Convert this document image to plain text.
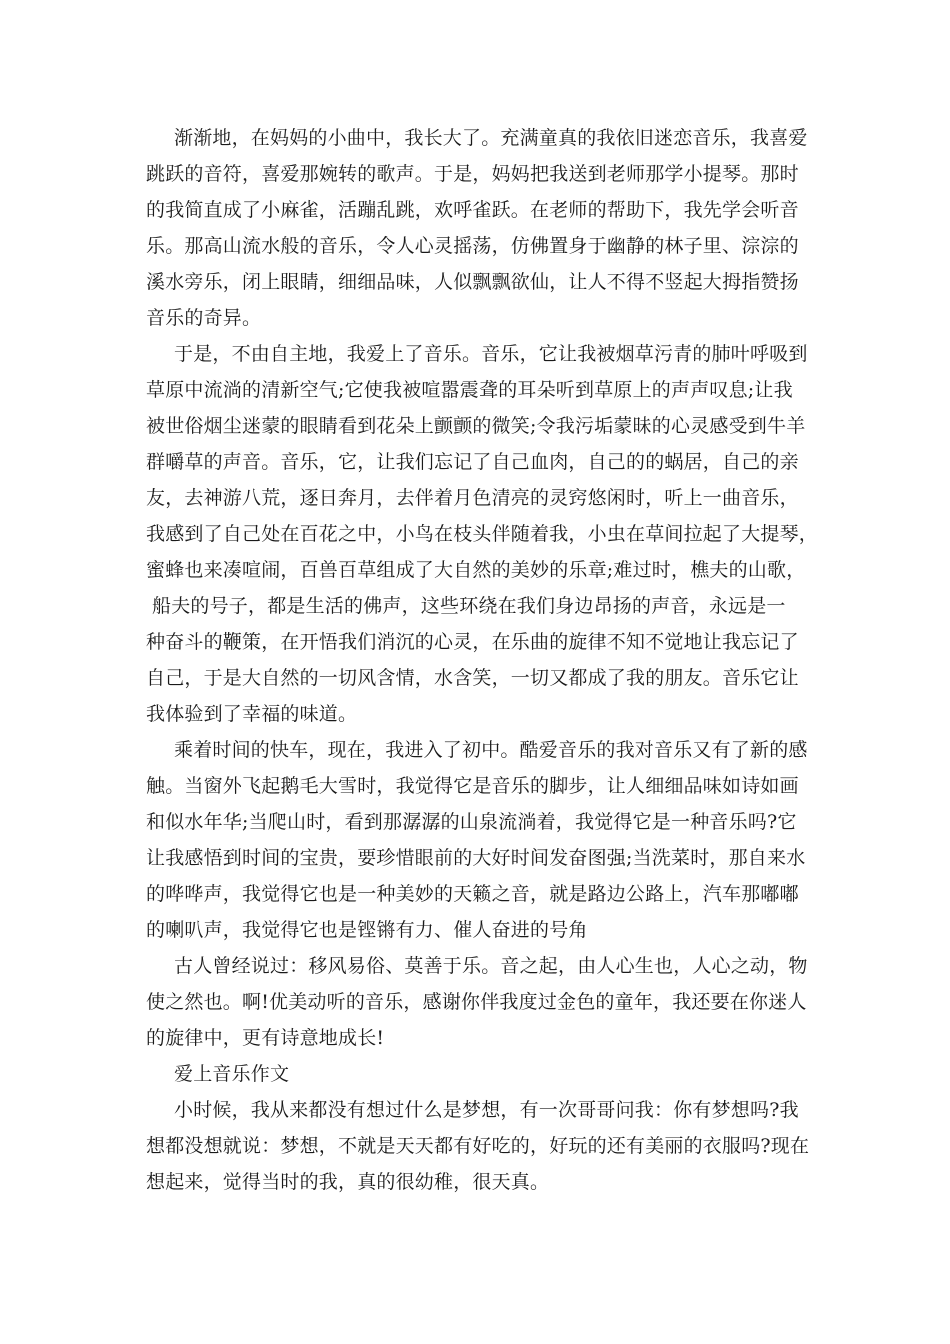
渐渐地，在妈妈的小曲中，我长大了。充满童真的我依旧迷恋音乐，我喜爱

跳跃的音符，喜爱那婉转的歌声。于是，妈妈把我送到老师那学小提琴。那时

的我简直成了小麻雀，活蹦乱跳，欢呼雀跃。在老师的帮助下，我先学会听音

乐。那高山流水般的音乐，令人心灵摇荡，仿佛置身于幽静的林子里、淙淙的

溪水旁乐，闭上眼睛，细细品味，人似飘飘欲仙，让人不得不竖起大拇指赞扬

音乐的奇异。

于是，不由自主地，我爱上了音乐。音乐，它让我被烟草污青的肺叶呼吸到

草原中流淌的清新空气;它使我被喧嚣震聋的耳朵听到草原上的声声叹息;让我

被世俗烟尘迷蒙的眼睛看到花朵上颤颤的微笑;令我污垢蒙昧的心灵感受到牛羊

群嚼草的声音。音乐，它，让我们忘记了自己血肉，自己的的蜗居，自己的亲

友，去神游八荒，逐日奔月，去伴着月色清亮的灵窍悠闲时，听上一曲音乐，

我感到了自己处在百花之中，小鸟在枝头伴随着我，小虫在草间拉起了大提琴，

蜜蜂也来凑喧闹，百兽百草组成了大自然的美妙的乐章;难过时，樵夫的山歌，

船夫的号子，都是生活的佛声，这些环绕在我们身边昂扬的声音，永远是一

种奋斗的鞭策，在开悟我们消沉的心灵，在乐曲的旋律不知不觉地让我忘记了

自己，于是大自然的一切风含情，水含笑，一切又都成了我的朋友。音乐它让

我体验到了幸福的味道。

乘着时间的快车，现在，我进入了初中。酷爱音乐的我对音乐又有了新的感

触。当窗外飞起鹅毛大雪时，我觉得它是音乐的脚步，让人细细品味如诗如画

和似水年华;当爬山时，看到那潺潺的山泉流淌着，我觉得它是一种音乐吗?它

让我感悟到时间的宝贵，要珍惜眼前的大好时间发奋图强;当洗菜时，那自来水

的哗哗声，我觉得它也是一种美妙的天籁之音，就是路边公路上，汽车那嘟嘟

的喇叭声，我觉得它也是铿锵有力、催人奋进的号角

古人曾经说过：移风易俗、莫善于乐。音之起，由人心生也，人心之动，物

使之然也。啊!优美动听的音乐，感谢你伴我度过金色的童年，我还要在你迷人

的旋律中，更有诗意地成长!

爱上音乐作文

小时候，我从来都没有想过什么是梦想，有一次哥哥问我：你有梦想吗?我

想都没想就说：梦想，不就是天天都有好吃的，好玩的还有美丽的衣服吗?现在

想起来，觉得当时的我，真的很幼稚，很天真。
